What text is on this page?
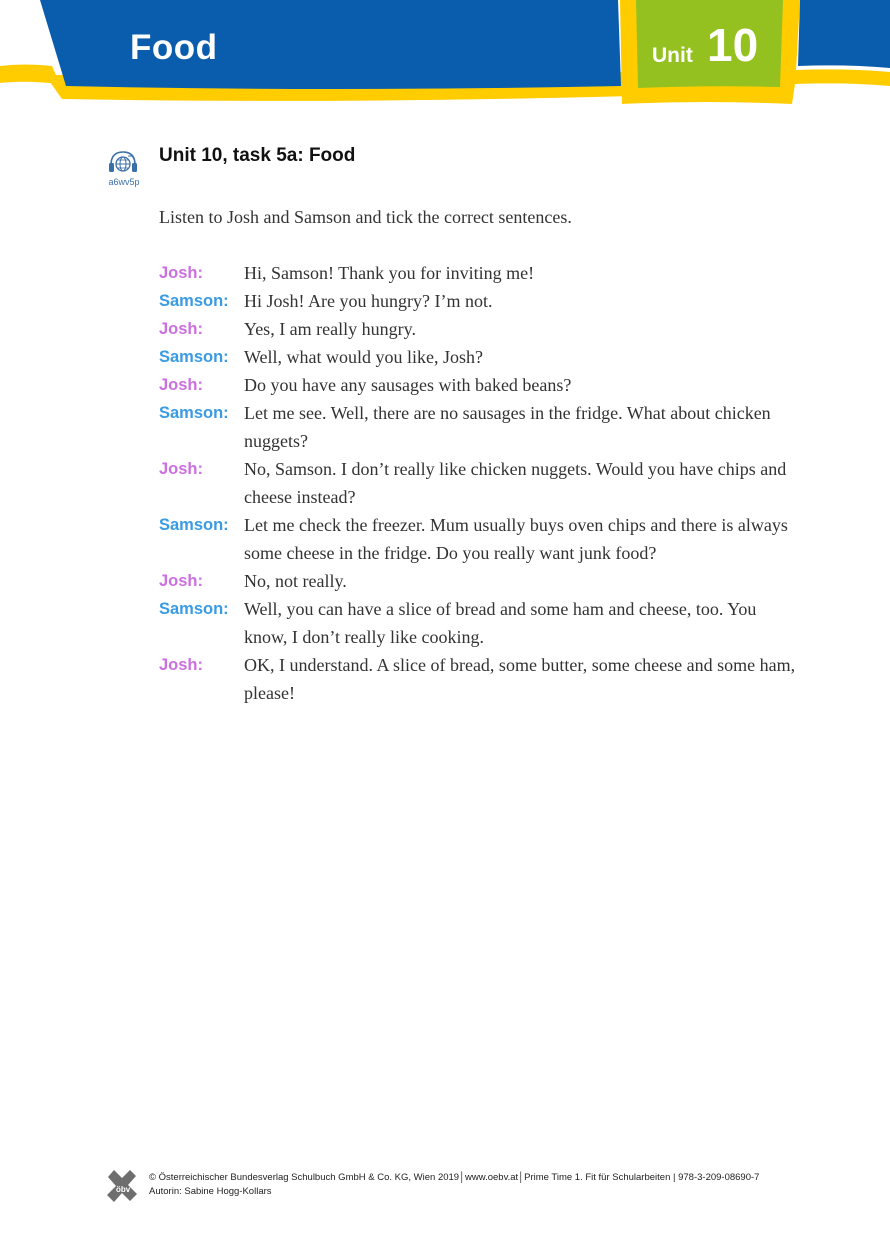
Food	Unit 10
a6wv5p
Unit 10, task 5a: Food
Listen to Josh and Samson and tick the correct sentences.
Josh:	Hi, Samson! Thank you for inviting me!
Samson: Hi Josh! Are you hungry? I’m not.
Josh:	Yes, I am really hungry.
Samson: Well, what would you like, Josh?
Josh:	Do you have any sausages with baked beans?
Samson: Let me see. Well, there are no sausages in the fridge. What about chicken nuggets?
Josh:	No, Samson. I don’t really like chicken nuggets. Would you have chips and cheese instead?
Samson: Let me check the freezer. Mum usually buys oven chips and there is always some cheese in the fridge. Do you really want junk food?
Josh:	No, not really.
Samson: Well, you can have a slice of bread and some ham and cheese, too. You know, I don’t really like cooking.
Josh:	OK, I understand. A slice of bread, some butter, some cheese and some ham, please!
öbv
© Österreichischer Bundesverlag Schulbuch GmbH & Co. KG, Wien 2019│www.oebv.at│Prime Time 1. Fit für Schularbeiten | 978-3-209-08690-7
Autorin: Sabine Hogg-Kollars
